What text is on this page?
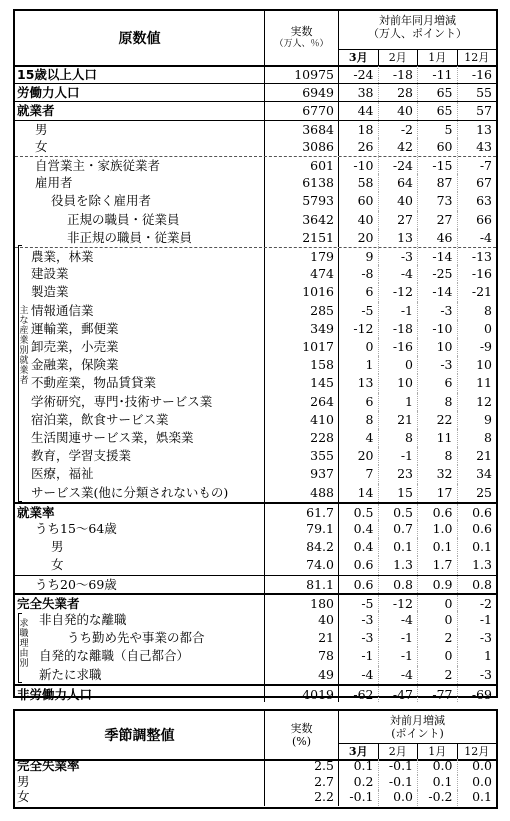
原数値	実数
（万人、％）
対前年同月増減
（万人、ポイント）
3月	2月	1月	12月
15歳以上人口	10975	-24	-18	-11	-16
労働力人口	6949	38	28	65	55
就業者	6770	44	40	65	57
男	3684	18	-2	5	13
女	3086	26	42	60	43
自営業主・家族従業者	601	-10	-24	-15	-7
雇用者	6138	58	64	87	67
役員を除く雇用者	5793	60	40	73	63
正規の職員・従業員	3642	40	27	27	66
非正規の職員・従業員	2151	20	13	46	-4
農業，林業	179	9	-3	-14	-13
建設業	474	-8	-4	-25	-16
製造業	1016	6	-12	-14	-21
情報通信業	285	-5	-1	-3	8
運輸業，郵便業	349	-12	-18	-10	0
卸売業，小売業	1017	0	-16	10	-9
金融業，保険業	158	1	0	-3	10
不動産業，物品賃貸業	145	13	10	6	11
学術研究，専門･技術サービス業	264	6	1	8	12
宿泊業，飲食サービス業	410	8	21	22	9
生活関連サービス業，娯楽業	228	4	8	11	8
教育，学習支援業	355	20	-1	8	21
医療，福祉	937	7	23	32	34
サービス業(他に分類されないもの)	488	14	15	17	25
就業率	61.7	0.5	0.5	0.6	0.6
うち15～64歳	79.1	0.4	0.7	1.0	0.6
男	84.2	0.4	0.1	0.1	0.1
女	74.0	0.6	1.3	1.7	1.3
うち20～69歳	81.1	0.6	0.8	0.9	0.8
完全失業者	180	-5	-12	0	-2
非自発的な離職	40	-3	-4	0	-1
うち勤め先や事業の都合	21	-3	-1	2	-3
自発的な離職（自己都合）	78	-1	-1	0	1
新たに求職	49	-4	-4	2	-3
非労働力人口	4019	-62	-47	-77	-69
主な産業別就業者
求職理由別
季節調整値	実数
(%)
対前月増減
(ポイント)
3月	2月	1月	12月
完全失業率	2.5	0.1	-0.1	0.0	0.0
男	2.7	0.2	-0.1	0.1	0.0
女	2.2	-0.1	0.0	-0.2	0.1
